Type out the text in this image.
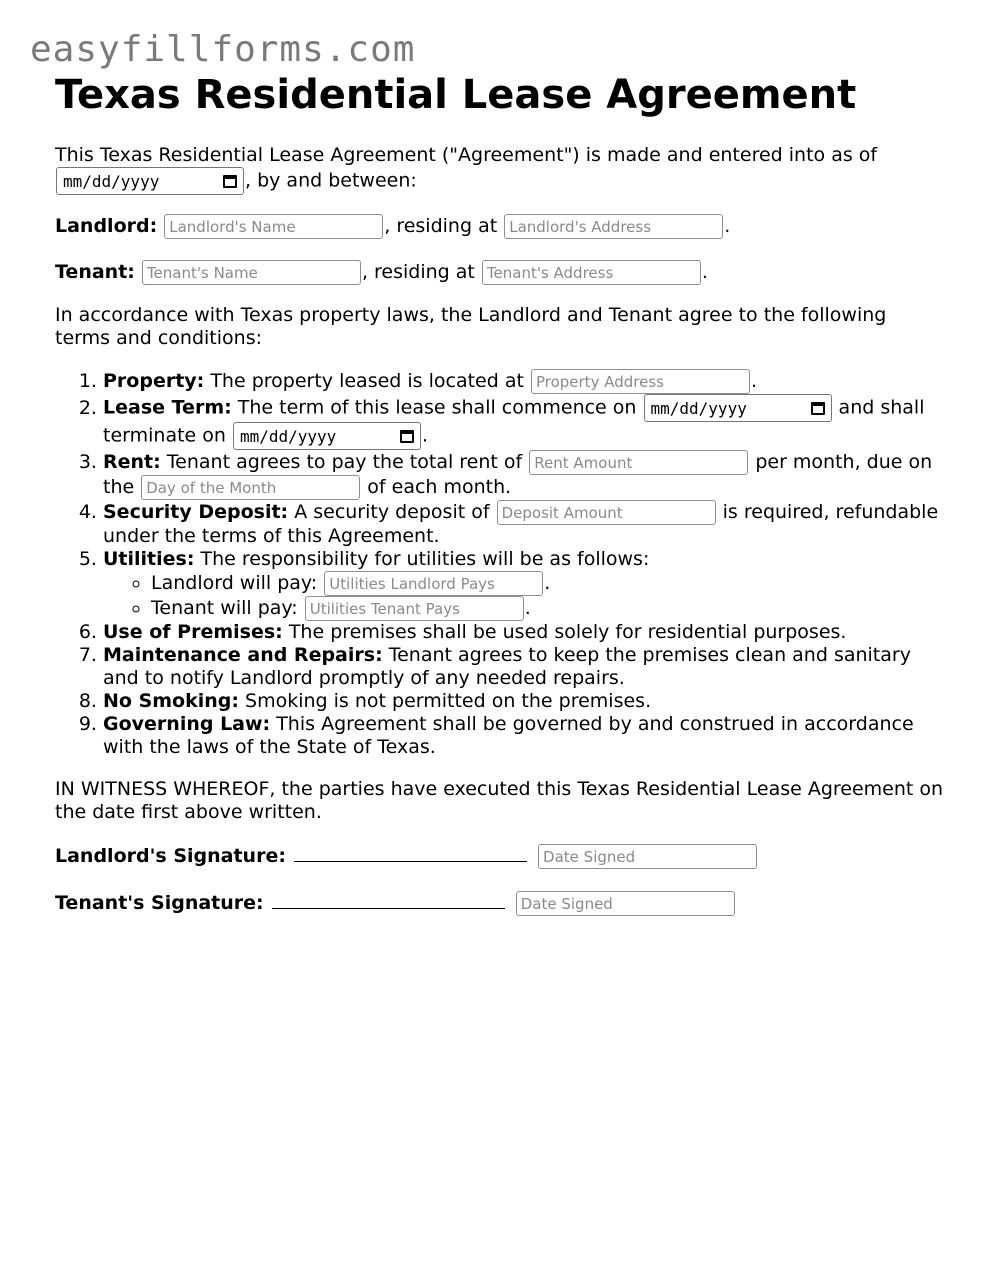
easyfillforms.com
Texas Residential Lease Agreement

This Texas Residential Lease Agreement ("Agreement") is made and entered into as of
mm/dd/yyyy	, by and between:

Landlord: Landlord's Name	, residing at Landlord's Address	.

Tenant: Tenant's Name	, residing at Tenant's Address	.

In accordance with Texas property laws, the Landlord and Tenant agree to the following terms and conditions:

1. Property: The property leased is located at Property Address	.
2. Lease Term: The term of this lease shall commence on mm/dd/yyyy	and shall terminate on mm/dd/yyyy	.
3. Rent: Tenant agrees to pay the total rent of Rent Amount	per month, due on the Day of the Month	of each month.
4. Security Deposit: A security deposit of Deposit Amount	is required, refundable under the terms of this Agreement.
5. Utilities: The responsibility for utilities will be as follows:
◦ Landlord will pay: Utilities Landlord Pays	.
◦ Tenant will pay: Utilities Tenant Pays	.
6. Use of Premises: The premises shall be used solely for residential purposes.
7. Maintenance and Repairs: Tenant agrees to keep the premises clean and sanitary and to notify Landlord promptly of any needed repairs.
8. No Smoking: Smoking is not permitted on the premises.
9. Governing Law: This Agreement shall be governed by and construed in accordance with the laws of the State of Texas.

IN WITNESS WHEREOF, the parties have executed this Texas Residential Lease Agreement on the date first above written.

Landlord's Signature:  Date Signed

Tenant's Signature:  Date Signed
